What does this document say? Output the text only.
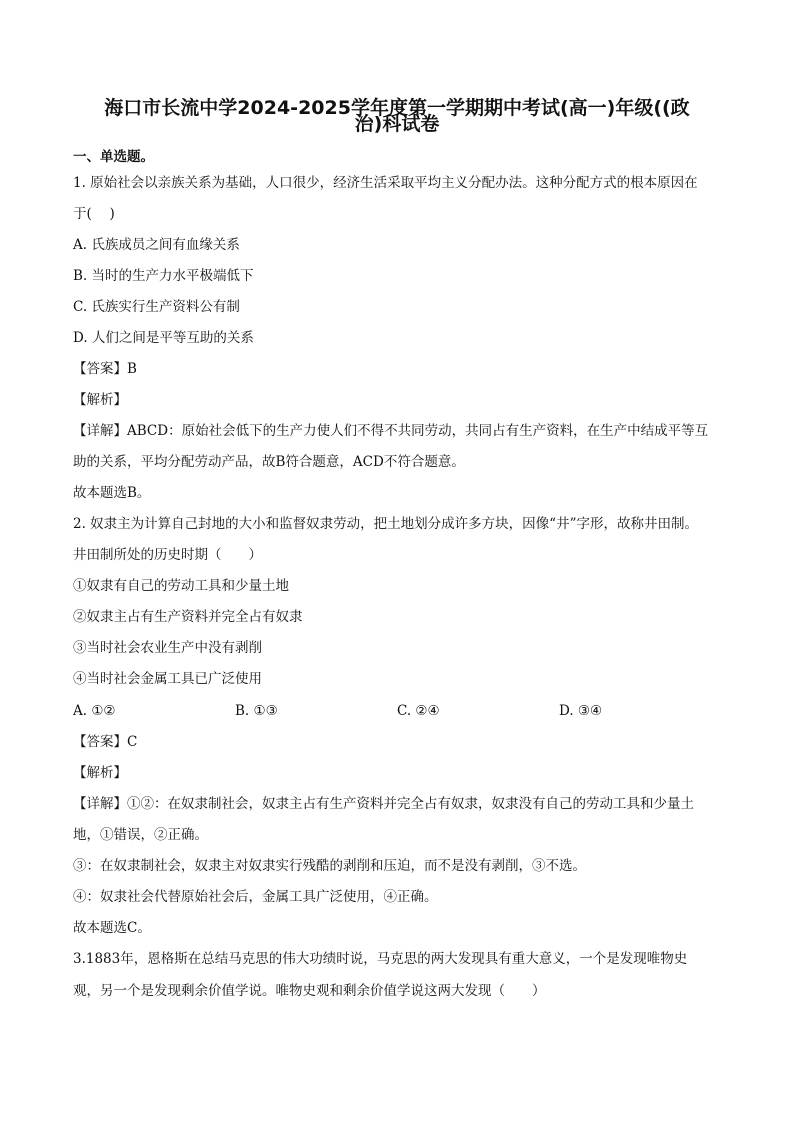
海口市长流中学2024-2025学年度第一学期期中考试(高一)年级((政
治)科试卷

一、单选题。

1. 原始社会以亲族关系为基础，人口很少，经济生活采取平均主义分配办法。这种分配方式的根本原因在

于(　 )

A. 氏族成员之间有血缘关系

B. 当时的生产力水平极端低下

C. 氏族实行生产资料公有制

D. 人们之间是平等互助的关系

【答案】B

【解析】

【详解】ABCD：原始社会低下的生产力使人们不得不共同劳动，共同占有生产资料，在生产中结成平等互

助的关系，平均分配劳动产品，故B符合题意，ACD不符合题意。

故本题选B。

2. 奴隶主为计算自己封地的大小和监督奴隶劳动，把土地划分成许多方块，因像“井”字形，故称井田制。

井田制所处的历史时期（　　）

①奴隶有自己的劳动工具和少量土地

②奴隶主占有生产资料并完全占有奴隶

③当时社会农业生产中没有剥削

④当时社会金属工具已广泛使用

A. ①②	B. ①③	C. ②④	D. ③④

【答案】C

【解析】

【详解】①②：在奴隶制社会，奴隶主占有生产资料并完全占有奴隶，奴隶没有自己的劳动工具和少量土

地，①错误，②正确。

③：在奴隶制社会，奴隶主对奴隶实行残酷的剥削和压迫，而不是没有剥削，③不选。

④：奴隶社会代替原始社会后，金属工具广泛使用，④正确。

故本题选C。

3.1883年，恩格斯在总结马克思的伟大功绩时说，马克思的两大发现具有重大意义，一个是发现唯物史

观，另一个是发现剩余价值学说。唯物史观和剩余价值学说这两大发现（　　）
